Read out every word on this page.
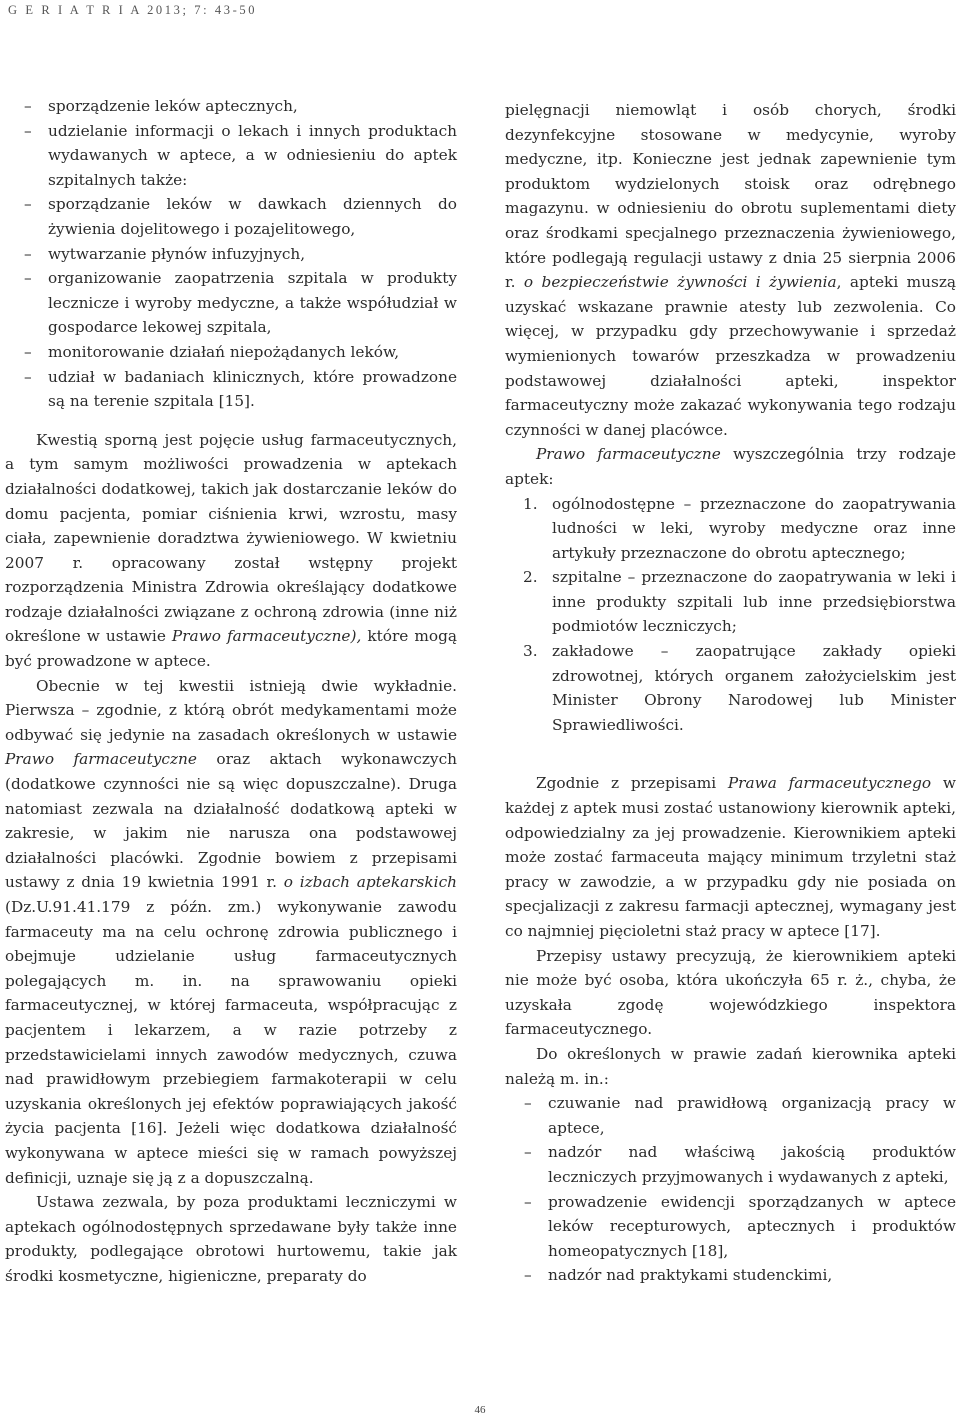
G E R I A T R I A 2013; 7: 43-50
–	sporządzenie leków aptecznych,
–	udzielanie informacji o lekach i innych produktach wydawanych w aptece, a w odniesieniu do aptek szpitalnych także:
–	sporządzanie leków w dawkach dziennych do żywienia dojelitowego i pozajelitowego,
–	wytwarzanie płynów infuzyjnych,
–	organizowanie zaopatrzenia szpitala w produkty lecznicze i wyroby medyczne, a także współudział w gospodarce lekowej szpitala,
–	monitorowanie działań niepożądanych leków,
–	udział w badaniach klinicznych, które prowadzone są na terenie szpitala [15].

Kwestią sporną jest pojęcie usług farmaceutycznych, a tym samym możliwości prowadzenia w aptekach działalności dodatkowej, takich jak dostarczanie leków do domu pacjenta, pomiar ciśnienia krwi, wzrostu, masy ciała, zapewnienie doradztwa żywieniowego. W kwietniu 2007 r. opracowany został wstępny projekt rozporządzenia Ministra Zdrowia określający dodatkowe rodzaje działalności związane z ochroną zdrowia (inne niż określone w ustawie Prawo farmaceutyczne), które mogą być prowadzone w aptece.

Obecnie w tej kwestii istnieją dwie wykładnie. Pierwsza – zgodnie, z którą obrót medykamentami może odbywać się jedynie na zasadach określonych w ustawie Prawo farmaceutyczne oraz aktach wykonawczych (dodatkowe czynności nie są więc dopuszczalne). Druga natomiast zezwala na działalność dodatkową apteki w zakresie, w jakim nie narusza ona podstawowej działalności placówki. Zgodnie bowiem z przepisami ustawy z dnia 19 kwietnia 1991 r. o izbach aptekarskich (Dz.U.91.41.179 z późn. zm.) wykonywanie zawodu farmaceuty ma na celu ochronę zdrowia publicznego i obejmuje udzielanie usług farmaceutycznych polegających m. in. na sprawowaniu opieki farmaceutycznej, w której farmaceuta, współpracując z pacjentem i lekarzem, a w razie potrzeby z przedstawicielami innych zawodów medycznych, czuwa nad prawidłowym przebiegiem farmakoterapii w celu uzyskania określonych jej efektów poprawiających jakość życia pacjenta [16]. Jeżeli więc dodatkowa działalność wykonywana w aptece mieści się w ramach powyższej definicji, uznaje się ją z a dopuszczalną.

Ustawa zezwala, by poza produktami leczniczymi w aptekach ogólnodostępnych sprzedawane były także inne produkty, podlegające obrotowi hurtowemu, takie jak środki kosmetyczne, higieniczne, preparaty do

pielęgnacji niemowląt i osób chorych, środki dezynfekcyjne stosowane w medycynie, wyroby medyczne, itp. Konieczne jest jednak zapewnienie tym produktom wydzielonych stoisk oraz odrębnego magazynu. w odniesieniu do obrotu suplementami diety oraz środkami specjalnego przeznaczenia żywieniowego, które podlegają regulacji ustawy z dnia 25 sierpnia 2006 r. o bezpieczeństwie żywności i żywienia, apteki muszą uzyskać wskazane prawnie atesty lub zezwolenia. Co więcej, w przypadku gdy przechowywanie i sprzedaż wymienionych towarów przeszkadza w prowadzeniu podstawowej działalności apteki, inspektor farmaceutyczny może zakazać wykonywania tego rodzaju czynności w danej placówce.

Prawo farmaceutyczne wyszczególnia trzy rodzaje aptek:

1. ogólnodostępne – przeznaczone do zaopatrywania ludności w leki, wyroby medyczne oraz inne artykuły przeznaczone do obrotu aptecznego;
2. szpitalne – przeznaczone do zaopatrywania w leki i inne produkty szpitali lub inne przedsiębiorstwa podmiotów leczniczych;
3. zakładowe – zaopatrujące zakłady opieki zdrowotnej, których organem założycielskim jest Minister Obrony Narodowej lub Minister Sprawiedliwości.

Zgodnie z przepisami Prawa farmaceutycznego w każdej z aptek musi zostać ustanowiony kierownik apteki, odpowiedzialny za jej prowadzenie. Kierownikiem apteki może zostać farmaceuta mający minimum trzyletni staż pracy w zawodzie, a w przypadku gdy nie posiada on specjalizacji z zakresu farmacji aptecznej, wymagany jest co najmniej pięcioletni staż pracy w aptece [17].

Przepisy ustawy precyzują, że kierownikiem apteki nie może być osoba, która ukończyła 65 r. ż., chyba, że uzyskała zgodę wojewódzkiego inspektora farmaceutycznego.

Do określonych w prawie zadań kierownika apteki należą m. in.:

–	czuwanie nad prawidłową organizacją pracy w aptece,
–	nadzór nad właściwą jakością produktów leczniczych przyjmowanych i wydawanych z apteki,
–	prowadzenie ewidencji sporządzanych w aptece leków recepturowych, aptecznych i produktów homeopatycznych [18],
–	nadzór nad praktykami studenckimi,
46
